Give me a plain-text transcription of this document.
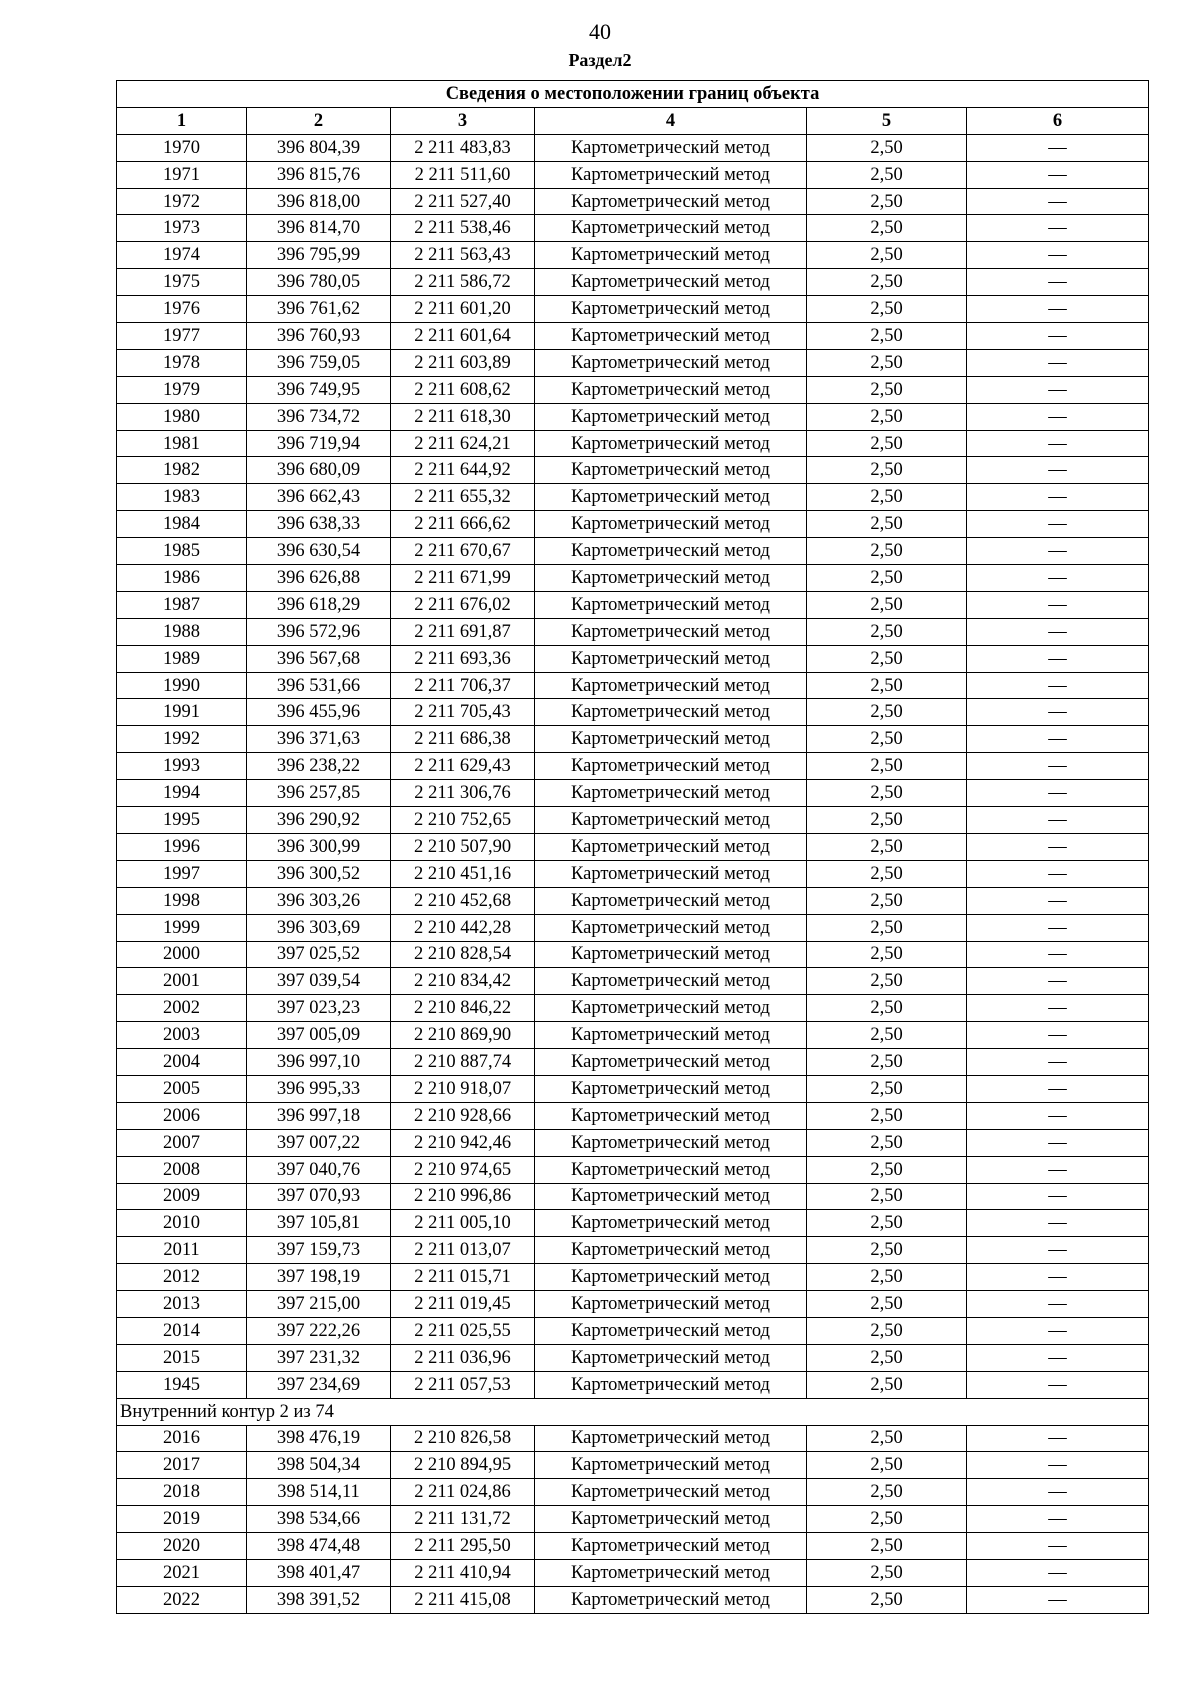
40
Раздел2
Сведения о местоположении границ объекта					
1	2	3	4	5	6
1970	396 804,39	2 211 483,83	Картометрический метод	2,50	—
1971	396 815,76	2 211 511,60	Картометрический метод	2,50	—
1972	396 818,00	2 211 527,40	Картометрический метод	2,50	—
1973	396 814,70	2 211 538,46	Картометрический метод	2,50	—
1974	396 795,99	2 211 563,43	Картометрический метод	2,50	—
1975	396 780,05	2 211 586,72	Картометрический метод	2,50	—
1976	396 761,62	2 211 601,20	Картометрический метод	2,50	—
1977	396 760,93	2 211 601,64	Картометрический метод	2,50	—
1978	396 759,05	2 211 603,89	Картометрический метод	2,50	—
1979	396 749,95	2 211 608,62	Картометрический метод	2,50	—
1980	396 734,72	2 211 618,30	Картометрический метод	2,50	—
1981	396 719,94	2 211 624,21	Картометрический метод	2,50	—
1982	396 680,09	2 211 644,92	Картометрический метод	2,50	—
1983	396 662,43	2 211 655,32	Картометрический метод	2,50	—
1984	396 638,33	2 211 666,62	Картометрический метод	2,50	—
1985	396 630,54	2 211 670,67	Картометрический метод	2,50	—
1986	396 626,88	2 211 671,99	Картометрический метод	2,50	—
1987	396 618,29	2 211 676,02	Картометрический метод	2,50	—
1988	396 572,96	2 211 691,87	Картометрический метод	2,50	—
1989	396 567,68	2 211 693,36	Картометрический метод	2,50	—
1990	396 531,66	2 211 706,37	Картометрический метод	2,50	—
1991	396 455,96	2 211 705,43	Картометрический метод	2,50	—
1992	396 371,63	2 211 686,38	Картометрический метод	2,50	—
1993	396 238,22	2 211 629,43	Картометрический метод	2,50	—
1994	396 257,85	2 211 306,76	Картометрический метод	2,50	—
1995	396 290,92	2 210 752,65	Картометрический метод	2,50	—
1996	396 300,99	2 210 507,90	Картометрический метод	2,50	—
1997	396 300,52	2 210 451,16	Картометрический метод	2,50	—
1998	396 303,26	2 210 452,68	Картометрический метод	2,50	—
1999	396 303,69	2 210 442,28	Картометрический метод	2,50	—
2000	397 025,52	2 210 828,54	Картометрический метод	2,50	—
2001	397 039,54	2 210 834,42	Картометрический метод	2,50	—
2002	397 023,23	2 210 846,22	Картометрический метод	2,50	—
2003	397 005,09	2 210 869,90	Картометрический метод	2,50	—
2004	396 997,10	2 210 887,74	Картометрический метод	2,50	—
2005	396 995,33	2 210 918,07	Картометрический метод	2,50	—
2006	396 997,18	2 210 928,66	Картометрический метод	2,50	—
2007	397 007,22	2 210 942,46	Картометрический метод	2,50	—
2008	397 040,76	2 210 974,65	Картометрический метод	2,50	—
2009	397 070,93	2 210 996,86	Картометрический метод	2,50	—
2010	397 105,81	2 211 005,10	Картометрический метод	2,50	—
2011	397 159,73	2 211 013,07	Картометрический метод	2,50	—
2012	397 198,19	2 211 015,71	Картометрический метод	2,50	—
2013	397 215,00	2 211 019,45	Картометрический метод	2,50	—
2014	397 222,26	2 211 025,55	Картометрический метод	2,50	—
2015	397 231,32	2 211 036,96	Картометрический метод	2,50	—
1945	397 234,69	2 211 057,53	Картометрический метод	2,50	—
Внутренний контур 2 из 74					
2016	398 476,19	2 210 826,58	Картометрический метод	2,50	—
2017	398 504,34	2 210 894,95	Картометрический метод	2,50	—
2018	398 514,11	2 211 024,86	Картометрический метод	2,50	—
2019	398 534,66	2 211 131,72	Картометрический метод	2,50	—
2020	398 474,48	2 211 295,50	Картометрический метод	2,50	—
2021	398 401,47	2 211 410,94	Картометрический метод	2,50	—
2022	398 391,52	2 211 415,08	Картометрический метод	2,50	—
